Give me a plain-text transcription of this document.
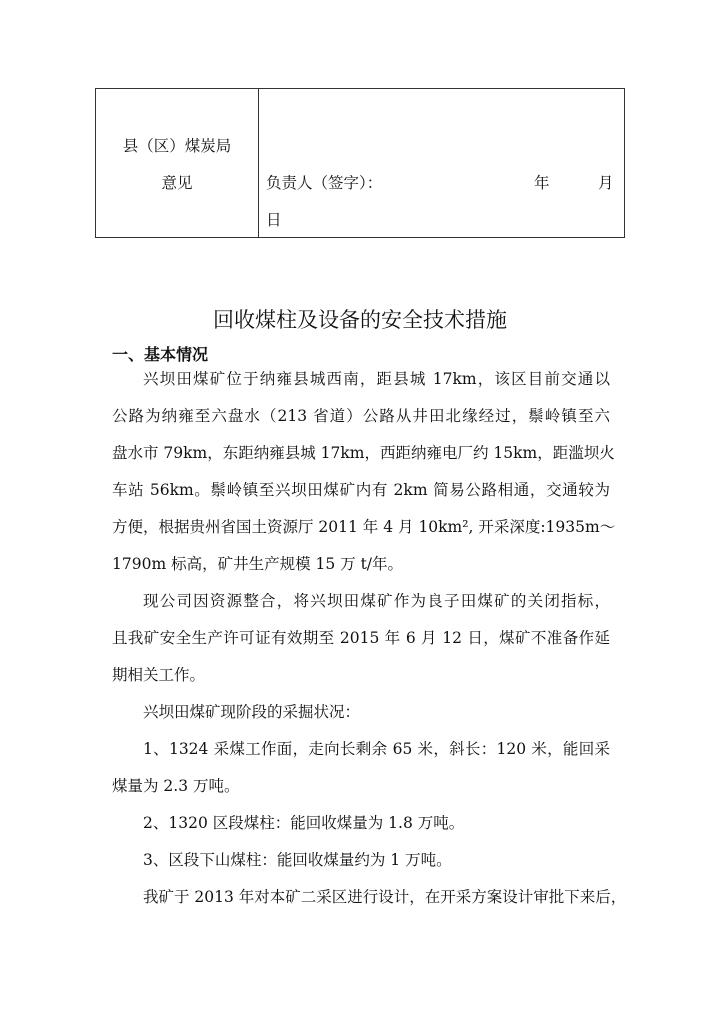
县（区）煤炭局
意见	负责人（签字）：	年	月
日
回收煤柱及设备的安全技术措施
一、基本情况
兴坝田煤矿位于纳雍县城西南，距县城 17km，该区目前交通以
公路为纳雍至六盘水（213 省道）公路从井田北缘经过，鬃岭镇至六
盘水市 79km，东距纳雍县城 17km，西距纳雍电厂约 15km，距滥坝火
车站 56km。鬃岭镇至兴坝田煤矿内有 2km 简易公路相通，交通较为
方便，根据贵州省国土资源厅 2011 年 4 月 10km², 开采深度:1935m～
1790m 标高，矿井生产规模 15 万 t/年。
现公司因资源整合，将兴坝田煤矿作为良子田煤矿的关闭指标，
且我矿安全生产许可证有效期至 2015 年 6 月 12 日，煤矿不准备作延
期相关工作。
兴坝田煤矿现阶段的采掘状况：
1、1324 采煤工作面，走向长剩余 65 米，斜长：120 米，能回采
煤量为 2.3 万吨。
2、1320 区段煤柱：能回收煤量为 1.8 万吨。
3、区段下山煤柱：能回收煤量约为 1 万吨。
我矿于 2013 年对本矿二采区进行设计，在开采方案设计审批下来后，
